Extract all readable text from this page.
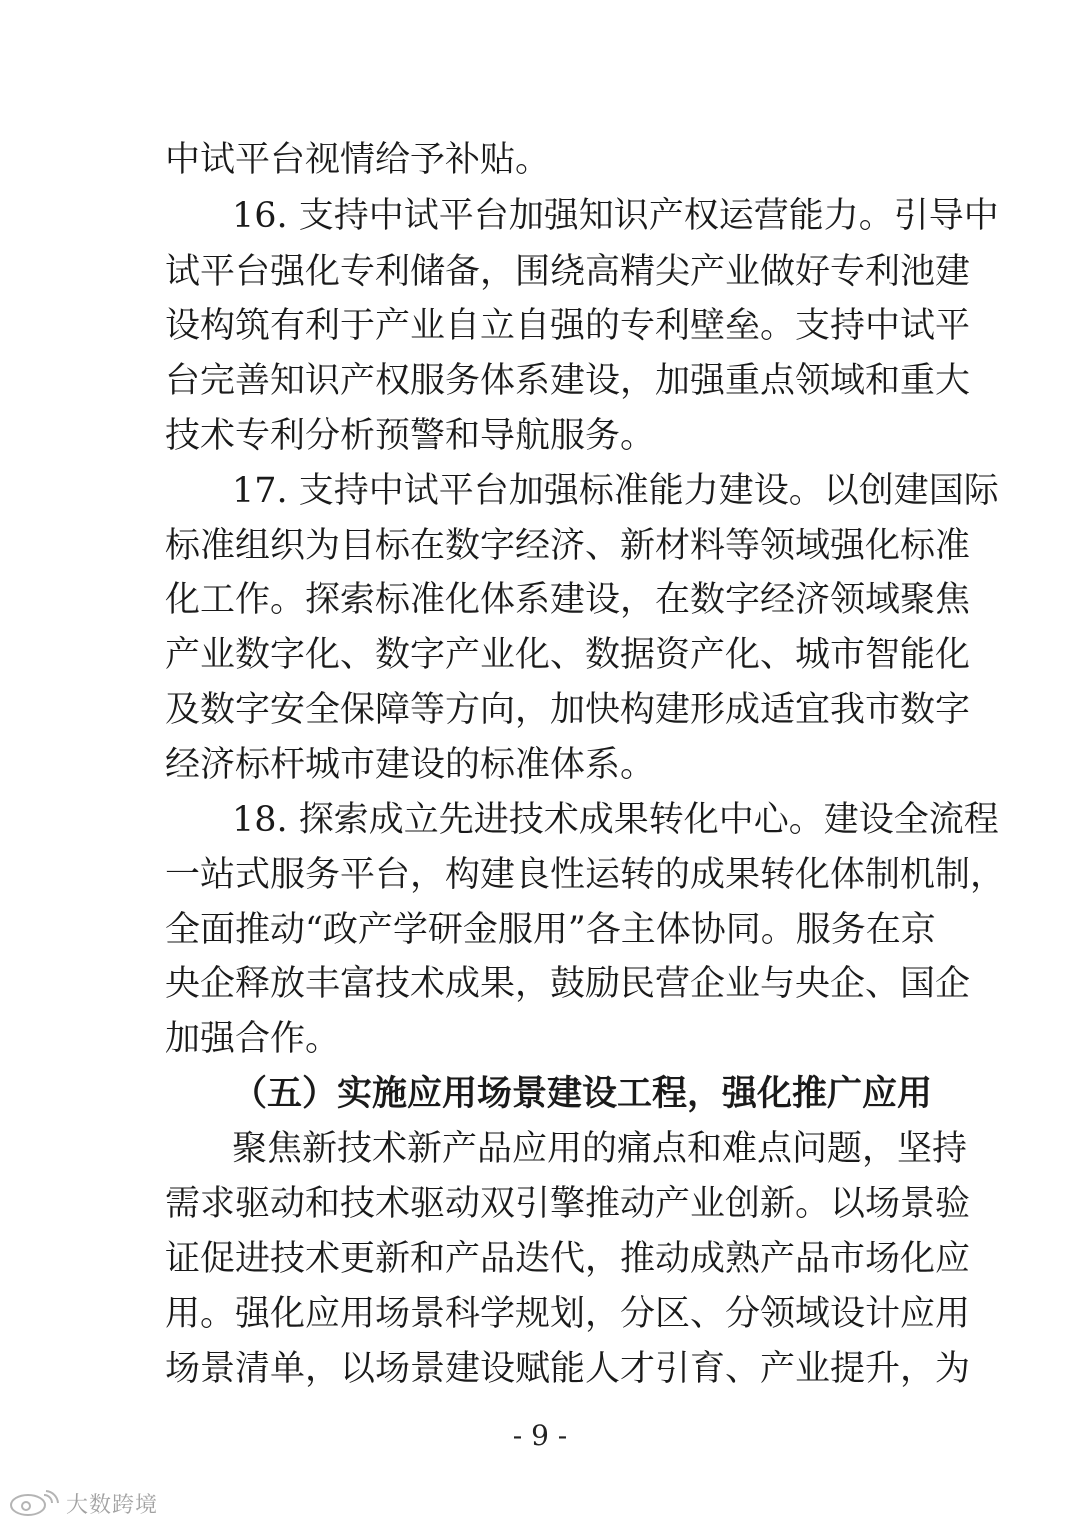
中试平台视情给予补贴。
16. 支持中试平台加强知识产权运营能力。引导中
试平台强化专利储备，围绕高精尖产业做好专利池建
设构筑有利于产业自立自强的专利壁垒。支持中试平
台完善知识产权服务体系建设，加强重点领域和重大
技术专利分析预警和导航服务。
17. 支持中试平台加强标准能力建设。以创建国际
标准组织为目标在数字经济、新材料等领域强化标准
化工作。探索标准化体系建设，在数字经济领域聚焦
产业数字化、数字产业化、数据资产化、城市智能化
及数字安全保障等方向，加快构建形成适宜我市数字
经济标杆城市建设的标准体系。
18. 探索成立先进技术成果转化中心。建设全流程
一站式服务平台，构建良性运转的成果转化体制机制，
全面推动“政产学研金服用”各主体协同。服务在京
央企释放丰富技术成果，鼓励民营企业与央企、国企
加强合作。
（五）实施应用场景建设工程，强化推广应用
聚焦新技术新产品应用的痛点和难点问题，坚持
需求驱动和技术驱动双引擎推动产业创新。以场景验
证促进技术更新和产品迭代，推动成熟产品市场化应
用。强化应用场景科学规划，分区、分领域设计应用
场景清单，以场景建设赋能人才引育、产业提升，为
- 9 -
大数跨境
